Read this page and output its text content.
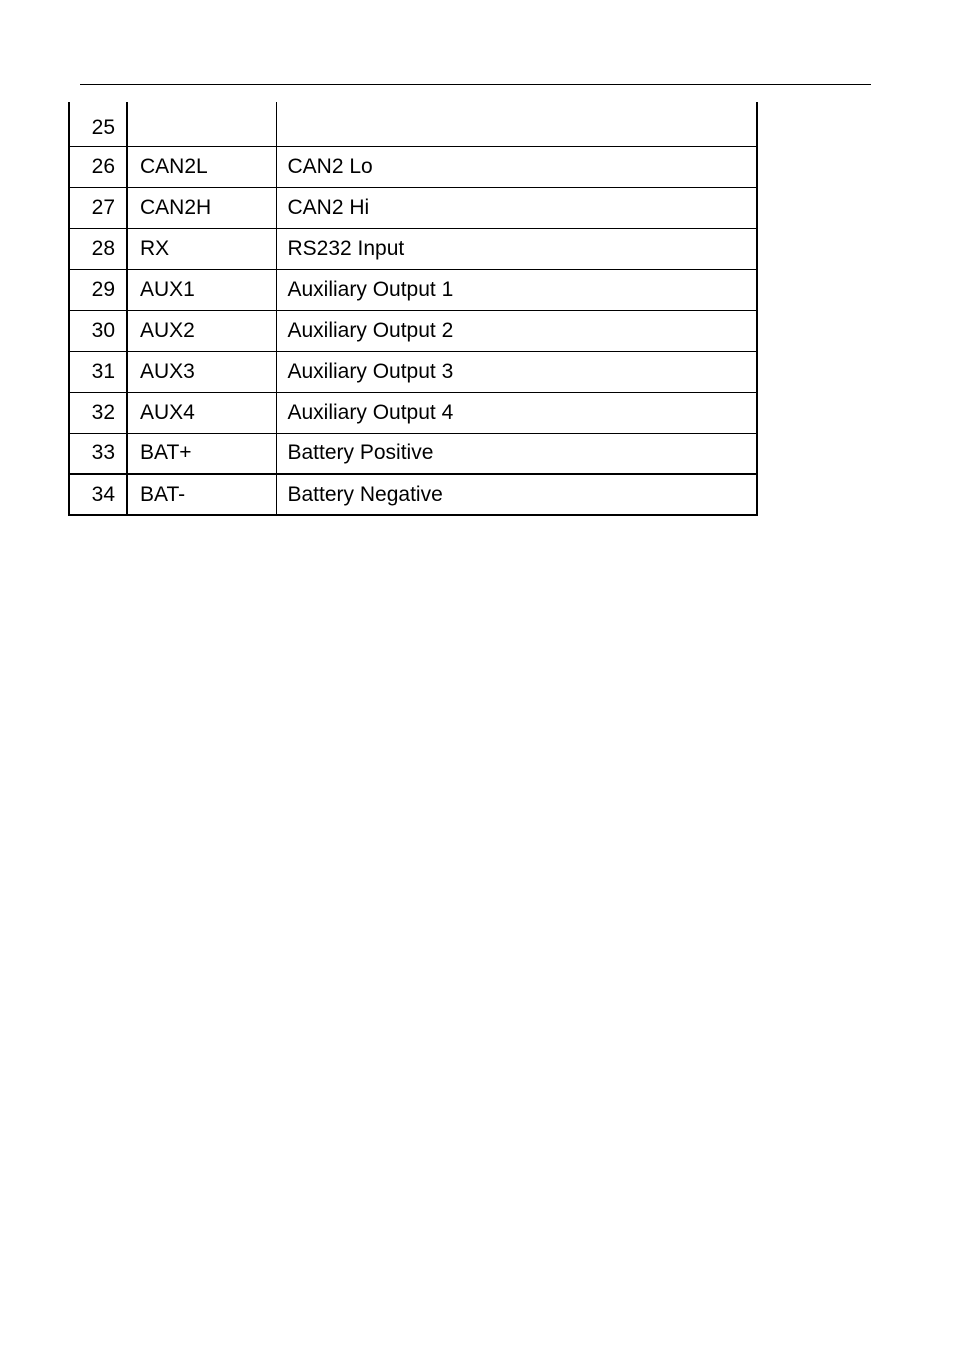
25		
26	CAN2L	CAN2 Lo
27	CAN2H	CAN2 Hi
28	RX	RS232 Input
29	AUX1	Auxiliary Output 1
30	AUX2	Auxiliary Output 2
31	AUX3	Auxiliary Output 3
32	AUX4	Auxiliary Output 4
33	BAT+	Battery Positive
34	BAT-	Battery Negative
